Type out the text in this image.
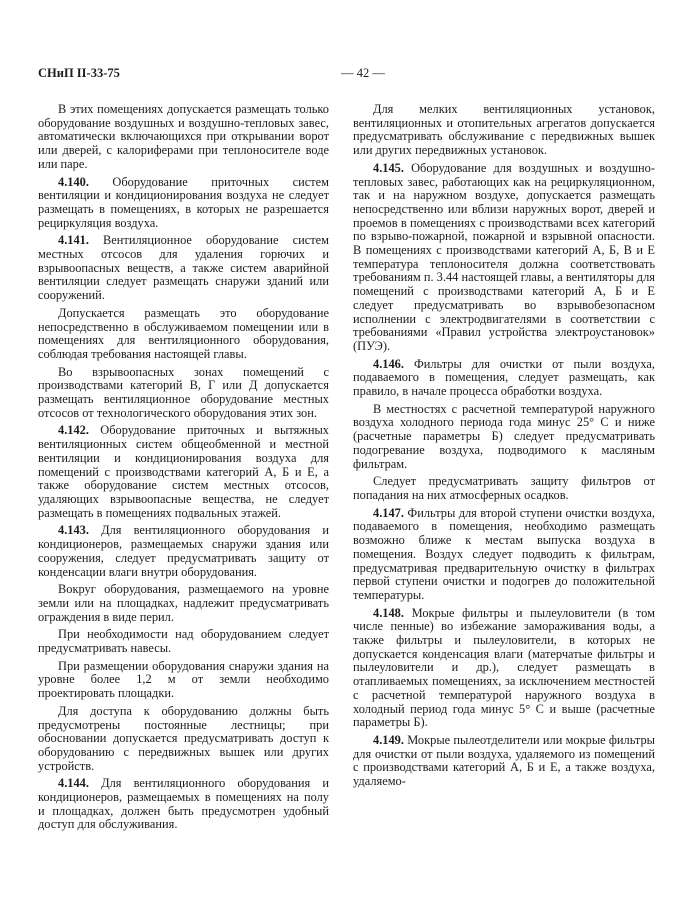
СНиП II-33-75	— 42 —

В этих помещениях допускается размещать только оборудование воздушных и воздушно-тепловых завес, автоматически включающихся при открывании ворот или дверей, с калориферами при теплоносителе воде или паре.

4.140. Оборудование приточных систем вентиляции и кондиционирования воздуха не следует размещать в помещениях, в которых не разрешается рециркуляция воздуха.

4.141. Вентиляционное оборудование систем местных отсосов для удаления горючих и взрывоопасных веществ, а также систем аварийной вентиляции следует размещать снаружи зданий или сооружений.

Допускается размещать это оборудование непосредственно в обслуживаемом помещении или в помещениях для вентиляционного оборудования, соблюдая требования настоящей главы.

Во взрывоопасных зонах помещений с производствами категорий В, Г или Д допускается размещать вентиляционное оборудование местных отсосов от технологического оборудования этих зон.

4.142. Оборудование приточных и вытяжных вентиляционных систем общеобменной и местной вентиляции и кондиционирования воздуха для помещений с производствами категорий А, Б и Е, а также оборудование систем местных отсосов, удаляющих взрывоопасные вещества, не следует размещать в помещениях подвальных этажей.

4.143. Для вентиляционного оборудования и кондиционеров, размещаемых снаружи здания или сооружения, следует предусматривать защиту от конденсации влаги внутри оборудования.

Вокруг оборудования, размещаемого на уровне земли или на площадках, надлежит предусматривать ограждения в виде перил.

При необходимости над оборудованием следует предусматривать навесы.

При размещении оборудования снаружи здания на уровне более 1,2 м от земли необходимо проектировать площадки.

Для доступа к оборудованию должны быть предусмотрены постоянные лестницы; при обосновании допускается предусматривать доступ к оборудованию с передвижных вышек или других устройств.

4.144. Для вентиляционного оборудования и кондиционеров, размещаемых в помещениях на полу и площадках, должен быть предусмотрен удобный доступ для обслуживания.

Для мелких вентиляционных установок, вентиляционных и отопительных агрегатов допускается предусматривать обслуживание с передвижных вышек или других передвижных установок.

4.145. Оборудование для воздушных и воздушно-тепловых завес, работающих как на рециркуляционном, так и на наружном воздухе, допускается размещать непосредственно или вблизи наружных ворот, дверей и проемов в помещениях с производствами всех категорий по взрыво-пожарной, пожарной и взрывной опасности. В помещениях с производствами категорий А, Б, В и Е температура теплоносителя должна соответствовать требованиям п. 3.44 настоящей главы, а вентиляторы для помещений с производствами категорий А, Б и Е следует предусматривать во взрывобезопасном исполнении с электродвигателями в соответствии с требованиями «Правил устройства электроустановок» (ПУЭ).

4.146. Фильтры для очистки от пыли воздуха, подаваемого в помещения, следует размещать, как правило, в начале процесса обработки воздуха.

В местностях с расчетной температурой наружного воздуха холодного периода года минус 25° С и ниже (расчетные параметры Б) следует предусматривать подогревание воздуха, подводимого к масляным фильтрам.

Следует предусматривать защиту фильтров от попадания на них атмосферных осадков.

4.147. Фильтры для второй ступени очистки воздуха, подаваемого в помещения, необходимо размещать возможно ближе к местам выпуска воздуха в помещения. Воздух следует подводить к фильтрам, предусматривая предварительную очистку в фильтрах первой ступени очистки и подогрев до положительной температуры.

4.148. Мокрые фильтры и пылеуловители (в том числе пенные) во избежание замораживания воды, а также фильтры и пылеуловители, в которых не допускается конденсация влаги (матерчатые фильтры и пылеуловители и др.), следует размещать в отапливаемых помещениях, за исключением местностей с расчетной температурой наружного воздуха в холодный период года минус 5° С и выше (расчетные параметры Б).

4.149. Мокрые пылеотделители или мокрые фильтры для очистки от пыли воздуха, удаляемого из помещений с производствами категорий А, Б и Е, а также воздуха, удаляемо-
